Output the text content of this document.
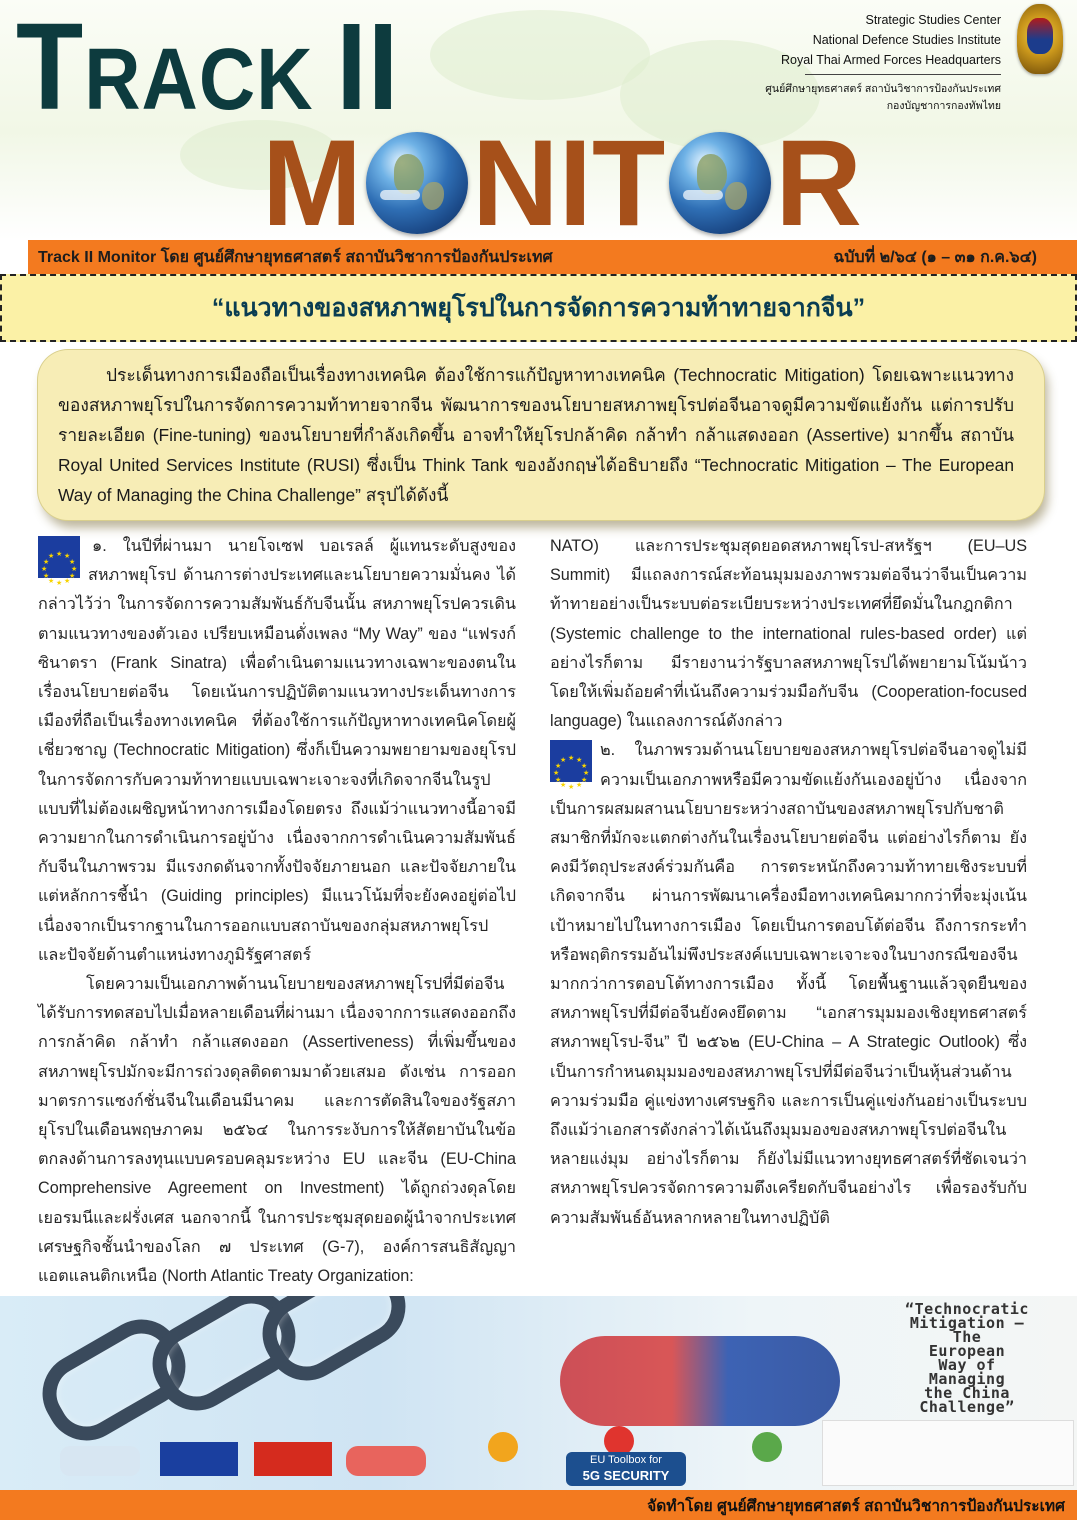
TRACK II
M NIT R
Strategic Studies Center
National Defence Studies Institute
Royal Thai Armed Forces Headquarters
ศูนย์ศึกษายุทธศาสตร์ สถาบันวิชาการป้องกันประเทศ
กองบัญชาการกองทัพไทย
Track II Monitor โดย ศูนย์ศึกษายุทธศาสตร์ สถาบันวิชาการป้องกันประเทศ	ฉบับที่ ๒/๖๔ (๑ – ๓๑ ก.ค.๖๔)
“แนวทางของสหภาพยุโรปในการจัดการความท้าทายจากจีน”
ประเด็นทางการเมืองถือเป็นเรื่องทางเทคนิค ต้องใช้การแก้ปัญหาทางเทคนิค (Technocratic Mitigation) โดยเฉพาะแนวทางของสหภาพยุโรปในการจัดการความท้าทายจากจีน พัฒนาการของนโยบายสหภาพยุโรปต่อจีนอาจดูมีความขัดแย้งกัน แต่การปรับรายละเอียด (Fine-tuning) ของนโยบายที่กำลังเกิดขึ้น อาจทำให้ยุโรปกล้าคิด กล้าทำ กล้าแสดงออก (Assertive) มากขึ้น สถาบัน Royal United Services Institute (RUSI) ซึ่งเป็น Think Tank ของอังกฤษได้อธิบายถึง “Technocratic Mitigation – The European Way of Managing the China Challenge” สรุปได้ดังนี้

★ ★
★
★
★
★
★
★
★
★
★
★
๑. ในปีที่ผ่านมา นายโจเซฟ บอเรลล์ ผู้แทนระดับสูงของสหภาพยุโรป ด้านการต่างประเทศและนโยบายความมั่นคง ได้กล่าวไว้ว่า ในการจัดการความสัมพันธ์กับจีนนั้น สหภาพยุโรปควรเดินตามแนวทางของตัวเอง เปรียบเหมือนดั่งเพลง “My Way” ของ “แฟรงก์ ซินาตรา (Frank Sinatra) เพื่อดำเนินตามแนวทางเฉพาะของตนในเรื่องนโยบายต่อจีน โดยเน้นการปฏิบัติตามแนวทางประเด็นทางการเมืองที่ถือเป็นเรื่องทางเทคนิค ที่ต้องใช้การแก้ปัญหาทางเทคนิคโดยผู้เชี่ยวชาญ (Technocratic Mitigation) ซึ่งก็เป็นความพยายามของยุโรปในการจัดการกับความท้าทายแบบเฉพาะเจาะจงที่เกิดจากจีนในรูปแบบที่ไม่ต้องเผชิญหน้าทางการเมืองโดยตรง ถึงแม้ว่าแนวทางนี้อาจมีความยากในการดำเนินการอยู่บ้าง เนื่องจากการดำเนินความสัมพันธ์กับจีนในภาพรวม มีแรงกดดันจากทั้งปัจจัยภายนอก และปัจจัยภายใน แต่หลักการชี้นำ (Guiding principles) มีแนวโน้มที่จะยังคงอยู่ต่อไป เนื่องจากเป็นรากฐานในการออกแบบสถาบันของกลุ่มสหภาพยุโรปและปัจจัยด้านตำแหน่งทางภูมิรัฐศาสตร์

โดยความเป็นเอกภาพด้านนโยบายของสหภาพยุโรปที่มีต่อจีนได้รับการทดสอบไปเมื่อหลายเดือนที่ผ่านมา เนื่องจากการแสดงออกถึงการกล้าคิด กล้าทำ กล้าแสดงออก (Assertiveness) ที่เพิ่มขึ้นของสหภาพยุโรปมักจะมีการถ่วงดุลติดตามมาด้วยเสมอ ดังเช่น การออกมาตรการแซงก์ชั่นจีนในเดือนมีนาคม และการตัดสินใจของรัฐสภายุโรปในเดือนพฤษภาคม ๒๕๖๔ ในการระงับการให้สัตยาบันในข้อตกลงด้านการลงทุนแบบครอบคลุมระหว่าง EU และจีน (EU-China Comprehensive Agreement on Investment) ได้ถูกถ่วงดุลโดยเยอรมนีและฝรั่งเศส นอกจากนี้ ในการประชุมสุดยอดผู้นำจากประเทศเศรษฐกิจชั้นนำของโลก ๗ ประเทศ (G-7), องค์การสนธิสัญญาแอตแลนติกเหนือ (North Atlantic Treaty Organization:

NATO) และการประชุมสุดยอดสหภาพยุโรป-สหรัฐฯ (EU–US Summit) มีแถลงการณ์สะท้อนมุมมองภาพรวมต่อจีนว่าจีนเป็นความท้าทายอย่างเป็นระบบต่อระเบียบระหว่างประเทศที่ยึดมั่นในกฎกติกา (Systemic challenge to the international rules-based order) แต่อย่างไรก็ตาม มีรายงานว่ารัฐบาลสหภาพยุโรปได้พยายามโน้มน้าวโดยให้เพิ่มถ้อยคำที่เน้นถึงความร่วมมือกับจีน (Cooperation-focused language) ในแถลงการณ์ดังกล่าว

★ ★
★
★
★
★
★
★
★
★
★
★
๒. ในภาพรวมด้านนโยบายของสหภาพยุโรปต่อจีนอาจดูไม่มีความเป็นเอกภาพหรือมีความขัดแย้งกันเองอยู่บ้าง เนื่องจากเป็นการผสมผสานนโยบายระหว่างสถาบันของสหภาพยุโรปกับชาติสมาชิกที่มักจะแตกต่างกันในเรื่องนโยบายต่อจีน แต่อย่างไรก็ตาม ยังคงมีวัตถุประสงค์ร่วมกันคือ การตระหนักถึงความท้าทายเชิงระบบที่เกิดจากจีน ผ่านการพัฒนาเครื่องมือทางเทคนิคมากกว่าที่จะมุ่งเน้นเป้าหมายไปในทางการเมือง โดยเป็นการตอบโต้ต่อจีน ถึงการกระทำหรือพฤติกรรมอันไม่พึงประสงค์แบบเฉพาะเจาะจงในบางกรณีของจีนมากกว่าการตอบโต้ทางการเมือง ทั้งนี้ โดยพื้นฐานแล้วจุดยืนของสหภาพยุโรปที่มีต่อจีนยังคงยึดตาม “เอกสารมุมมองเชิงยุทธศาสตร์สหภาพยุโรป-จีน” ปี ๒๕๖๒ (EU-China – A Strategic Outlook) ซึ่งเป็นการกำหนดมุมมองของสหภาพยุโรปที่มีต่อจีนว่าเป็นหุ้นส่วนด้านความร่วมมือ คู่แข่งทางเศรษฐกิจ และการเป็นคู่แข่งกันอย่างเป็นระบบ ถึงแม้ว่าเอกสารดังกล่าวได้เน้นถึงมุมมองของสหภาพยุโรปต่อจีนในหลายแง่มุม อย่างไรก็ตาม ก็ยังไม่มีแนวทางยุทธศาสตร์ที่ชัดเจนว่าสหภาพยุโรปควรจัดการความตึงเครียดกับจีนอย่างไร เพื่อรองรับกับความสัมพันธ์อันหลากหลายในทางปฏิบัติ

“Technocratic
Mitigation —
The
European
Way of
Managing
the China
Challenge”
EU Toolbox for
5G SECURITY
จัดทำโดย ศูนย์ศึกษายุทธศาสตร์ สถาบันวิชาการป้องกันประเทศ
